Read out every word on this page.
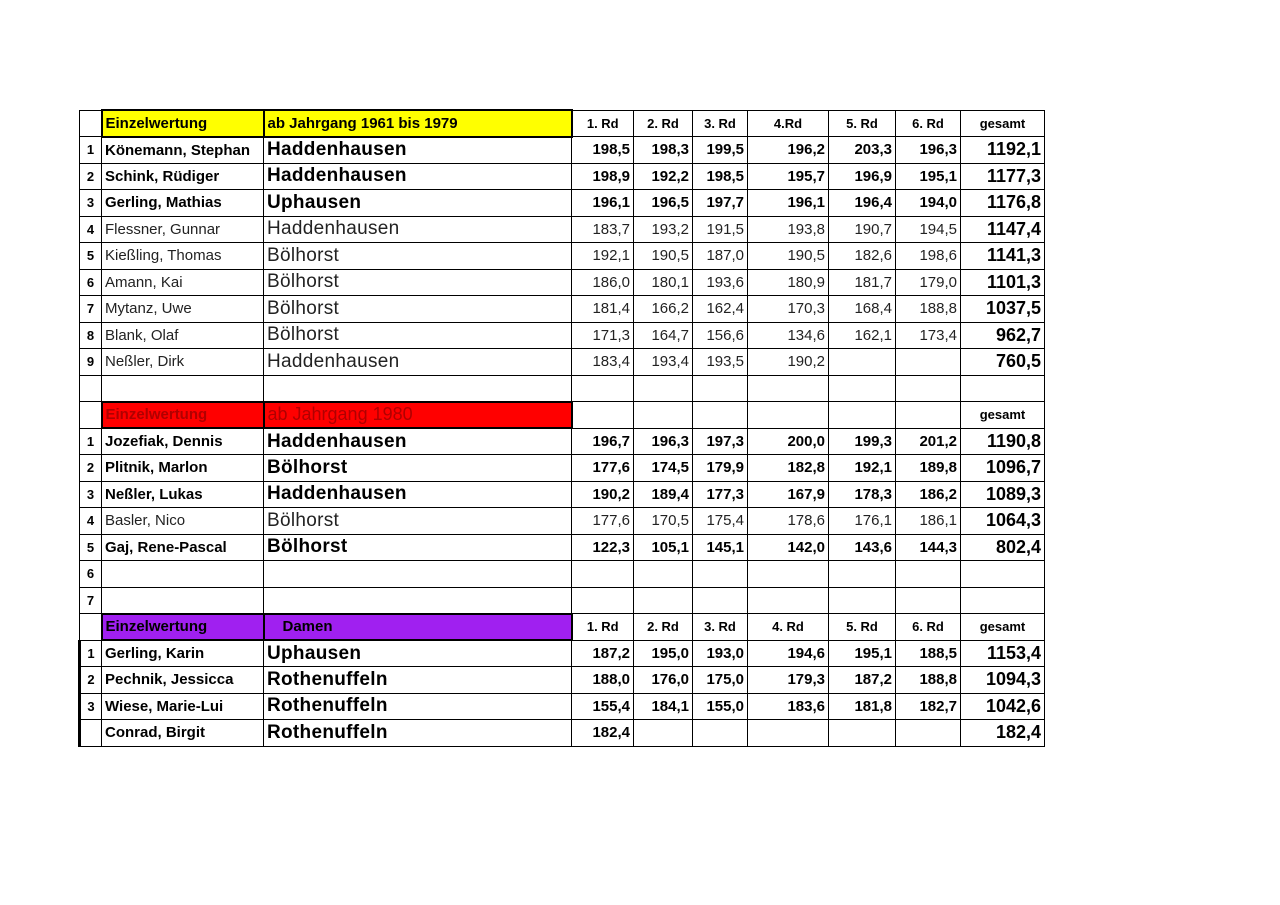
	Einzelwertung	ab Jahrgang 1961 bis 1979	1. Rd	2. Rd	3. Rd	4.Rd	5. Rd	6. Rd	gesamt
1	Könemann, Stephan	Haddenhausen	198,5	198,3	199,5	196,2	203,3	196,3	1192,1
2	Schink, Rüdiger	Haddenhausen	198,9	192,2	198,5	195,7	196,9	195,1	1177,3
3	Gerling, Mathias	Uphausen	196,1	196,5	197,7	196,1	196,4	194,0	1176,8
4	Flessner, Gunnar	Haddenhausen	183,7	193,2	191,5	193,8	190,7	194,5	1147,4
5	Kießling, Thomas	Bölhorst	192,1	190,5	187,0	190,5	182,6	198,6	1141,3
6	Amann, Kai	Bölhorst	186,0	180,1	193,6	180,9	181,7	179,0	1101,3
7	Mytanz, Uwe	Bölhorst	181,4	166,2	162,4	170,3	168,4	188,8	1037,5
8	Blank, Olaf	Bölhorst	171,3	164,7	156,6	134,6	162,1	173,4	962,7
9	Neßler, Dirk	Haddenhausen	183,4	193,4	193,5	190,2			760,5

	Einzelwertung	ab Jahrgang 1980							gesamt
1	Jozefiak, Dennis	Haddenhausen	196,7	196,3	197,3	200,0	199,3	201,2	1190,8
2	Plitnik, Marlon	Bölhorst	177,6	174,5	179,9	182,8	192,1	189,8	1096,7
3	Neßler, Lukas	Haddenhausen	190,2	189,4	177,3	167,9	178,3	186,2	1089,3
4	Basler, Nico	Bölhorst	177,6	170,5	175,4	178,6	176,1	186,1	1064,3
5	Gaj, Rene-Pascal	Bölhorst	122,3	105,1	145,1	142,0	143,6	144,3	802,4
6									
7									
	Einzelwertung	Damen	1. Rd	2. Rd	3. Rd	4. Rd	5. Rd	6. Rd	gesamt
1	Gerling, Karin	Uphausen	187,2	195,0	193,0	194,6	195,1	188,5	1153,4
2	Pechnik, Jessicca	Rothenuffeln	188,0	176,0	175,0	179,3	187,2	188,8	1094,3
3	Wiese, Marie-Lui	Rothenuffeln	155,4	184,1	155,0	183,6	181,8	182,7	1042,6
	Conrad, Birgit	Rothenuffeln	182,4						182,4
